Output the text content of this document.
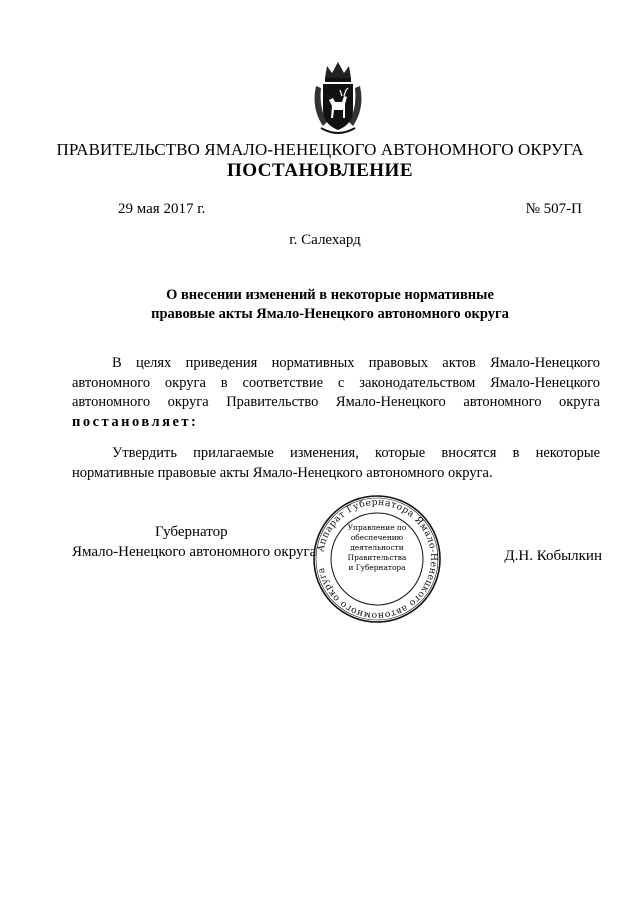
ПРАВИТЕЛЬСТВО ЯМАЛО-НЕНЕЦКОГО АВТОНОМНОГО ОКРУГА
ПОСТАНОВЛЕНИЕ
29 мая 2017 г.	№ 507-П
г. Салехард
О внесении изменений в некоторые нормативные
правовые акты Ямало-Ненецкого автономного округа
В целях приведения нормативных правовых актов Ямало-Ненецкого автономного округа в соответствие с законодательством Ямало-Ненецкого автономного округа Правительство Ямало-Ненецкого автономного округа постановляет:
Утвердить прилагаемые изменения, которые вносятся в некоторые нормативные правовые акты Ямало-Ненецкого автономного округа.
Губернатор
Ямало-Ненецкого автономного округа	Д.Н. Кобылкин
Аппарат Губернатора Ямало-Ненецкого автономного округа
Управление по
обеспечению
деятельности
Правительства
и Губернатора
